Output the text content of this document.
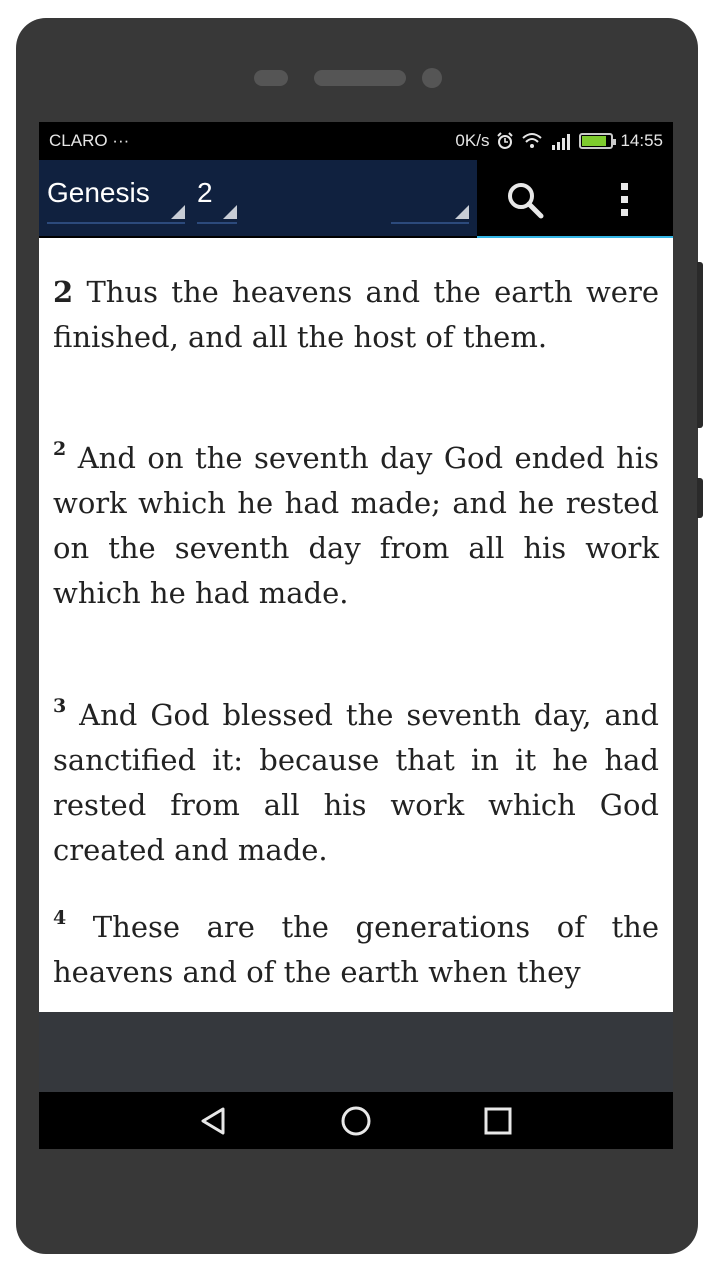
CLARO ···	0K/s	14:55
Genesis	2

2 Thus the heavens and the earth were finished, and all the host of them.

$^2$ And on the seventh day God ended his work which he had made; and he rested on the seventh day from all his work which he had made.

$^3$ And God blessed the seventh day, and sanctified it: because that in it he had rested from all his work which God created and made.

$^4$ These are the generations of the heavens and of the earth when they
